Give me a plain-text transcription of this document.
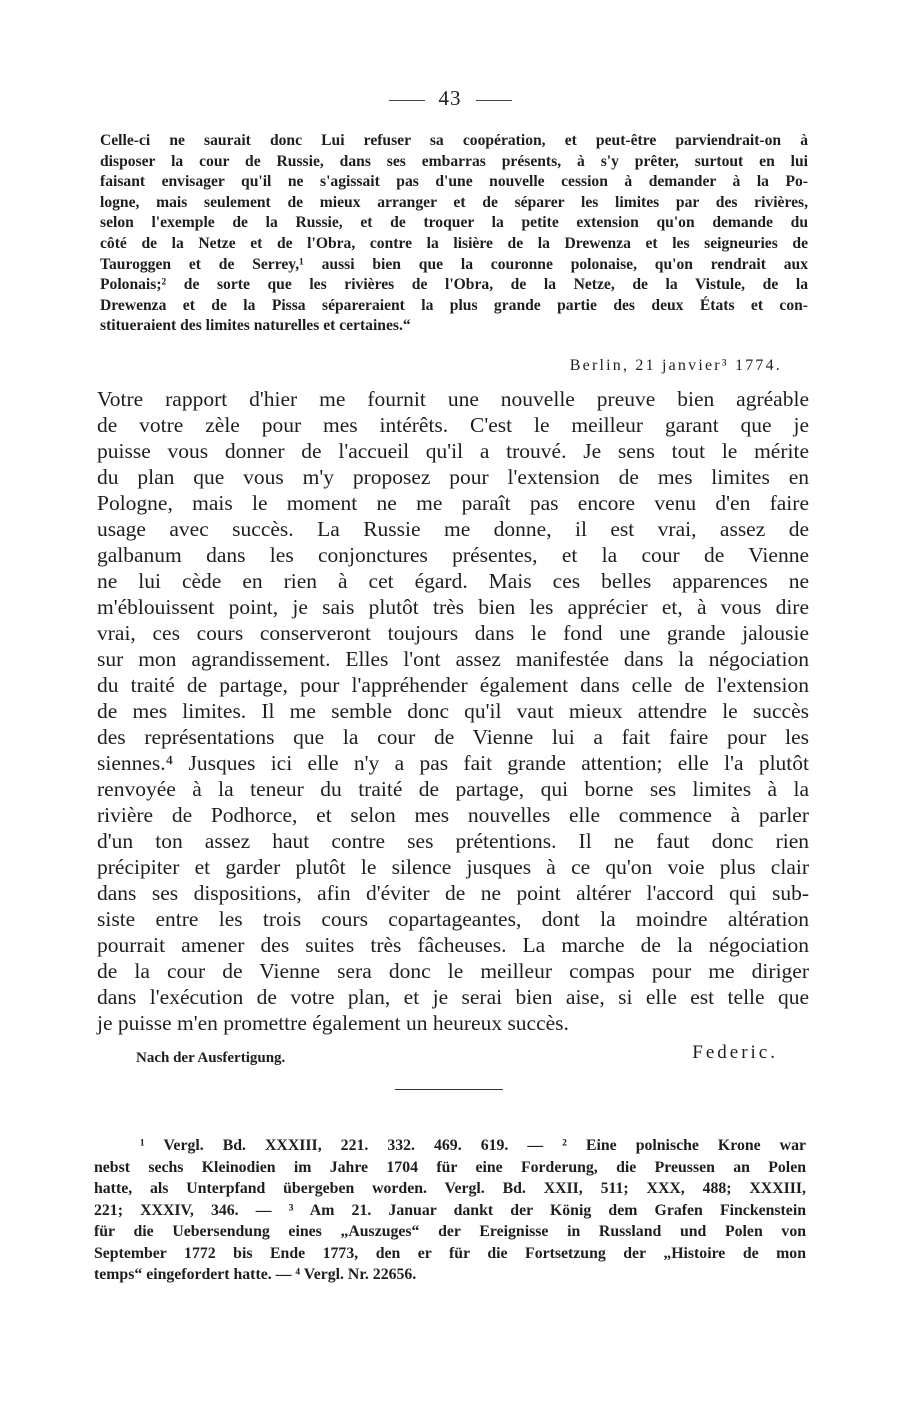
43
Celle-ci ne saurait donc Lui refuser sa coopération, et peut-être parviendrait-on à
disposer la cour de Russie, dans ses embarras présents, à s'y prêter, surtout en lui
faisant envisager qu'il ne s'agissait pas d'une nouvelle cession à demander à la Po-
logne, mais seulement de mieux arranger et de séparer les limites par des rivières,
selon l'exemple de la Russie, et de troquer la petite extension qu'on demande du
côté de la Netze et de l'Obra, contre la lisière de la Drewenza et les seigneuries de
Tauroggen et de Serrey,¹ aussi bien que la couronne polonaise, qu'on rendrait aux
Polonais;² de sorte que les rivières de l'Obra, de la Netze, de la Vistule, de la
Drewenza et de la Pissa sépareraient la plus grande partie des deux États et con-
stitueraient des limites naturelles et certaines.“
Berlin, 21 janvier³ 1774.
Votre rapport d'hier me fournit une nouvelle preuve bien agréable
de votre zèle pour mes intérêts. C'est le meilleur garant que je
puisse vous donner de l'accueil qu'il a trouvé. Je sens tout le mérite
du plan que vous m'y proposez pour l'extension de mes limites en
Pologne, mais le moment ne me paraît pas encore venu d'en faire
usage avec succès. La Russie me donne, il est vrai, assez de
galbanum dans les conjonctures présentes, et la cour de Vienne
ne lui cède en rien à cet égard. Mais ces belles apparences ne
m'éblouissent point, je sais plutôt très bien les apprécier et, à vous dire
vrai, ces cours conserveront toujours dans le fond une grande jalousie
sur mon agrandissement. Elles l'ont assez manifestée dans la négociation
du traité de partage, pour l'appréhender également dans celle de l'extension
de mes limites. Il me semble donc qu'il vaut mieux attendre le succès
des représentations que la cour de Vienne lui a fait faire pour les
siennes.⁴ Jusques ici elle n'y a pas fait grande attention; elle l'a plutôt
renvoyée à la teneur du traité de partage, qui borne ses limites à la
rivière de Podhorce, et selon mes nouvelles elle commence à parler
d'un ton assez haut contre ses prétentions. Il ne faut donc rien
précipiter et garder plutôt le silence jusques à ce qu'on voie plus clair
dans ses dispositions, afin d'éviter de ne point altérer l'accord qui sub-
siste entre les trois cours copartageantes, dont la moindre altération
pourrait amener des suites très fâcheuses. La marche de la négociation
de la cour de Vienne sera donc le meilleur compas pour me diriger
dans l'exécution de votre plan, et je serai bien aise, si elle est telle que
je puisse m'en promettre également un heureux succès.
Nach der Ausfertigung.	Federic.
¹ Vergl. Bd. XXXIII, 221. 332. 469. 619. — ² Eine polnische Krone war
nebst sechs Kleinodien im Jahre 1704 für eine Forderung, die Preussen an Polen
hatte, als Unterpfand übergeben worden. Vergl. Bd. XXII, 511; XXX, 488; XXXIII,
221; XXXIV, 346. — ³ Am 21. Januar dankt der König dem Grafen Finckenstein
für die Uebersendung eines „Auszuges“ der Ereignisse in Russland und Polen von
September 1772 bis Ende 1773, den er für die Fortsetzung der „Histoire de mon
temps“ eingefordert hatte. — ⁴ Vergl. Nr. 22656.
